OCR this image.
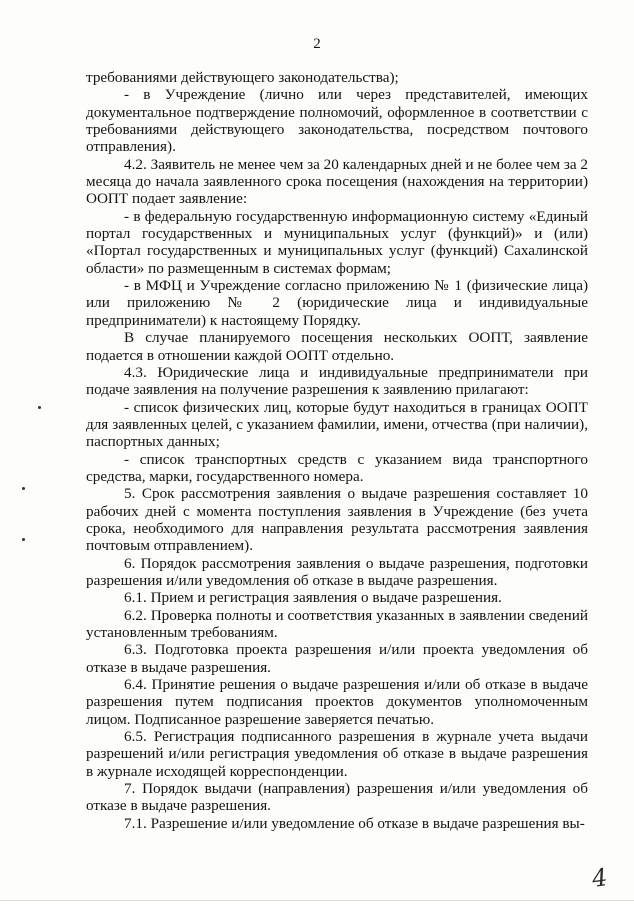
2

требованиями действующего законодательства);

- в Учреждение (лично или через представителей, имеющих документальное подтверждение полномочий, оформленное в соответствии с требованиями действующего законодательства, посредством почтового отправления).

4.2. Заявитель не менее чем за 20 календарных дней и не более чем за 2 месяца до начала заявленного срока посещения (нахождения на территории) ООПТ подает заявление:

- в федеральную государственную информационную систему «Единый портал государственных и муниципальных услуг (функций)» и (или) «Портал государственных и муниципальных услуг (функций) Сахалинской области» по размещенным в системах формам;

- в МФЦ и Учреждение согласно приложению № 1 (физические лица) или приложению № 2 (юридические лица и индивидуальные предприниматели) к настоящему Порядку.

В случае планируемого посещения нескольких ООПТ, заявление подается в отношении каждой ООПТ отдельно.

4.3. Юридические лица и индивидуальные предприниматели при подаче заявления на получение разрешения к заявлению прилагают:

- список физических лиц, которые будут находиться в границах ООПТ для заявленных целей, с указанием фамилии, имени, отчества (при наличии), паспортных данных;

- список транспортных средств с указанием вида транспортного средства, марки, государственного номера.

5. Срок рассмотрения заявления о выдаче разрешения составляет 10 рабочих дней с момента поступления заявления в Учреждение (без учета срока, необходимого для направления результата рассмотрения заявления почтовым отправлением).

6. Порядок рассмотрения заявления о выдаче разрешения, подготовки разрешения и/или уведомления об отказе в выдаче разрешения.

6.1. Прием и регистрация заявления о выдаче разрешения.

6.2. Проверка полноты и соответствия указанных в заявлении сведений установленным требованиям.

6.3. Подготовка проекта разрешения и/или проекта уведомления об отказе в выдаче разрешения.

6.4. Принятие решения о выдаче разрешения и/или об отказе в выдаче разрешения путем подписания проектов документов уполномоченным лицом. Подписанное разрешение заверяется печатью.

6.5. Регистрация подписанного разрешения в журнале учета выдачи разрешений и/или регистрация уведомления об отказе в выдаче разрешения в журнале исходящей корреспонденции.

7. Порядок выдачи (направления) разрешения и/или уведомления об отказе в выдаче разрешения.

7.1. Разрешение и/или уведомление об отказе в выдаче разрешения вы-

4
